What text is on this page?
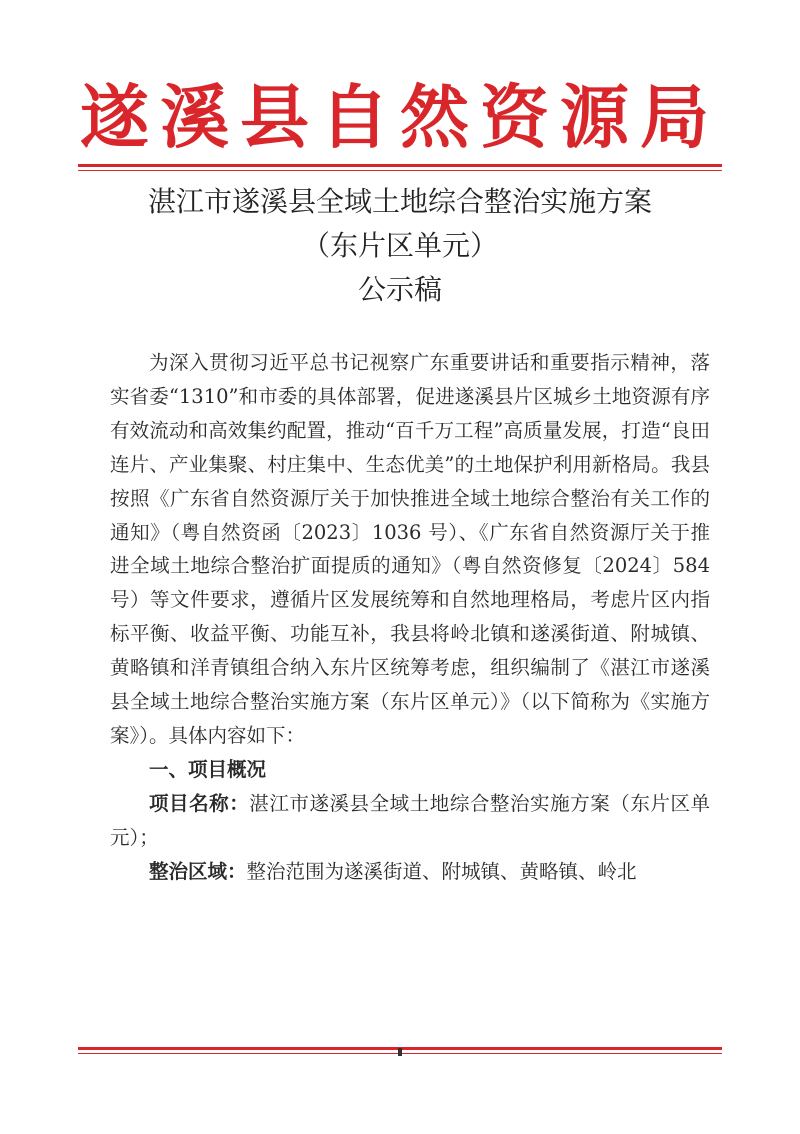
遂溪县自然资源局
湛江市遂溪县全域土地综合整治实施方案
（东片区单元）
公示稿

为深入贯彻习近平总书记视察广东重要讲话和重要指示精神，落实省委“1310”和市委的具体部署，促进遂溪县片区城乡土地资源有序有效流动和高效集约配置，推动“百千万工程”高质量发展，打造“良田连片、产业集聚、村庄集中、生态优美”的土地保护利用新格局。我县按照《广东省自然资源厅关于加快推进全域土地综合整治有关工作的通知》（粤自然资函〔2023〕1036 号）、《广东省自然资源厅关于推进全域土地综合整治扩面提质的通知》（粤自然资修复〔2024〕584 号）等文件要求，遵循片区发展统筹和自然地理格局，考虑片区内指标平衡、收益平衡、功能互补，我县将岭北镇和遂溪街道、附城镇、黄略镇和洋青镇组合纳入东片区统筹考虑，组织编制了《湛江市遂溪县全域土地综合整治实施方案（东片区单元）》（以下简称为《实施方案》）。具体内容如下：

一、项目概况

项目名称：湛江市遂溪县全域土地综合整治实施方案（东片区单元）；

整治区域：整治范围为遂溪街道、附城镇、黄略镇、岭北
